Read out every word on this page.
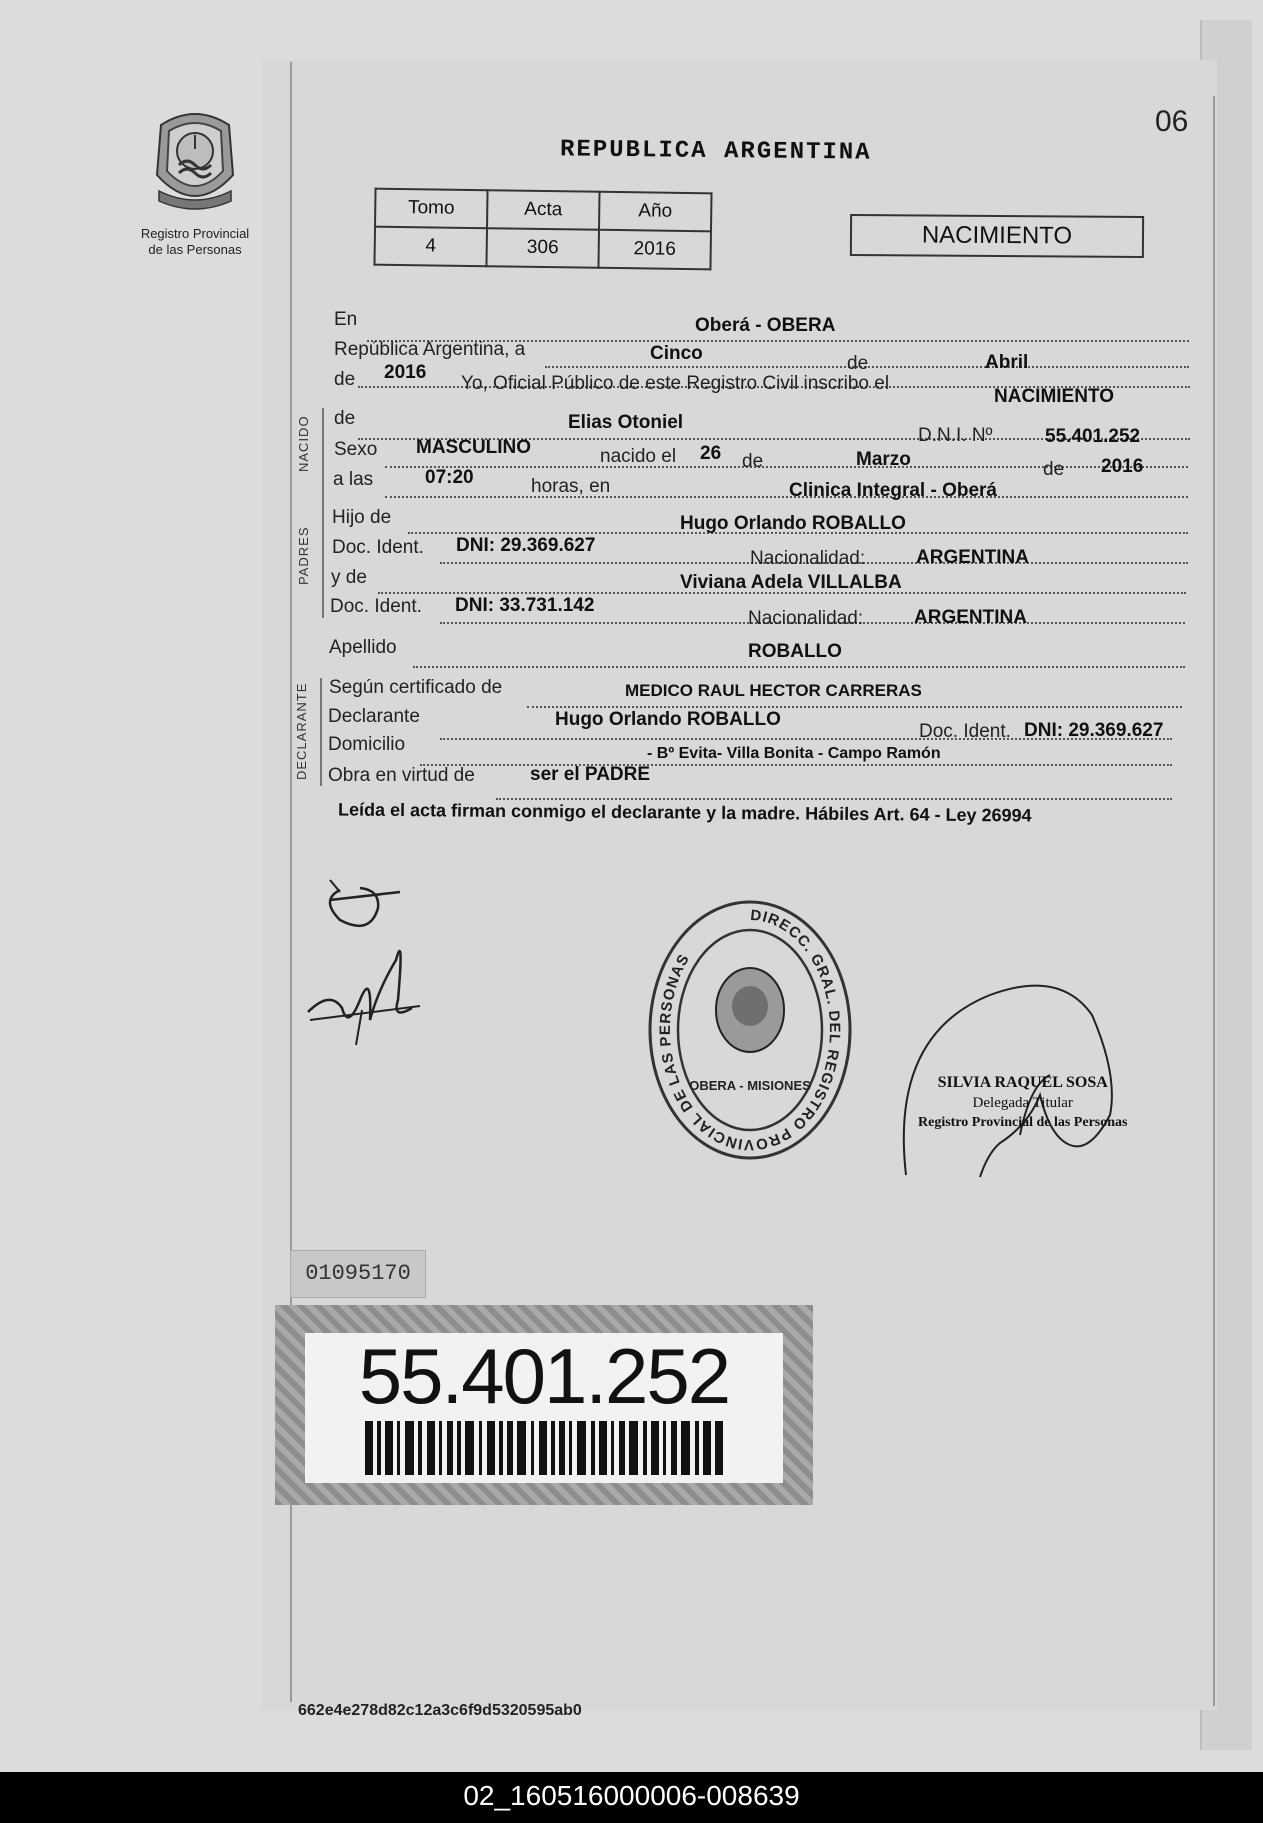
Registro Provincial
de las Personas
06
REPUBLICA ARGENTINA
Tomo	Acta	Año
4	306	2016	NACIMIENTO
En	Oberá - OBERA
República Argentina, a	Cinco	de	Abril
de 2016
Yo, Oficial Público de este Registro Civil inscribo el
NACIMIENTO
NACIDO de	Elias Otoniel
D.N.I. Nº	55.401.252
Sexo MASCULINO	nacido el 26 de	Marzo	de 2016
a las	07:20	horas, en	Clinica Integral - Oberá
PADRES
Hijo de	Hugo Orlando ROBALLO
Doc. Ident. DNI: 29.369.627
Nacionalidad:	ARGENTINA
y de	Viviana Adela VILLALBA
Doc. Ident. DNI: 33.731.142
Nacionalidad:	ARGENTINA
Apellido	ROBALLO
DECLARANTE Según certificado de	MEDICO RAUL HECTOR CARRERAS
Declarante	Hugo Orlando ROBALLO
Doc. Ident. DNI: 29.369.627
Domicilio	- Bº Evita- Villa Bonita - Campo Ramón
Obra en virtud de	ser el PADRE
Leída el acta firman conmigo el declarante y la madre. Hábiles Art. 64 - Ley 26994
DIRECC. GRAL. DEL REGISTRO PROVINCIAL DE LAS PERSONAS
OBERA - MISIONES	SILVIA RAQUEL SOSA
Delegada Titular
Registro Provincial de las Personas
01095170
55.401.252
662e4e278d82c12a3c6f9d5320595ab0
02_160516000006-008639
